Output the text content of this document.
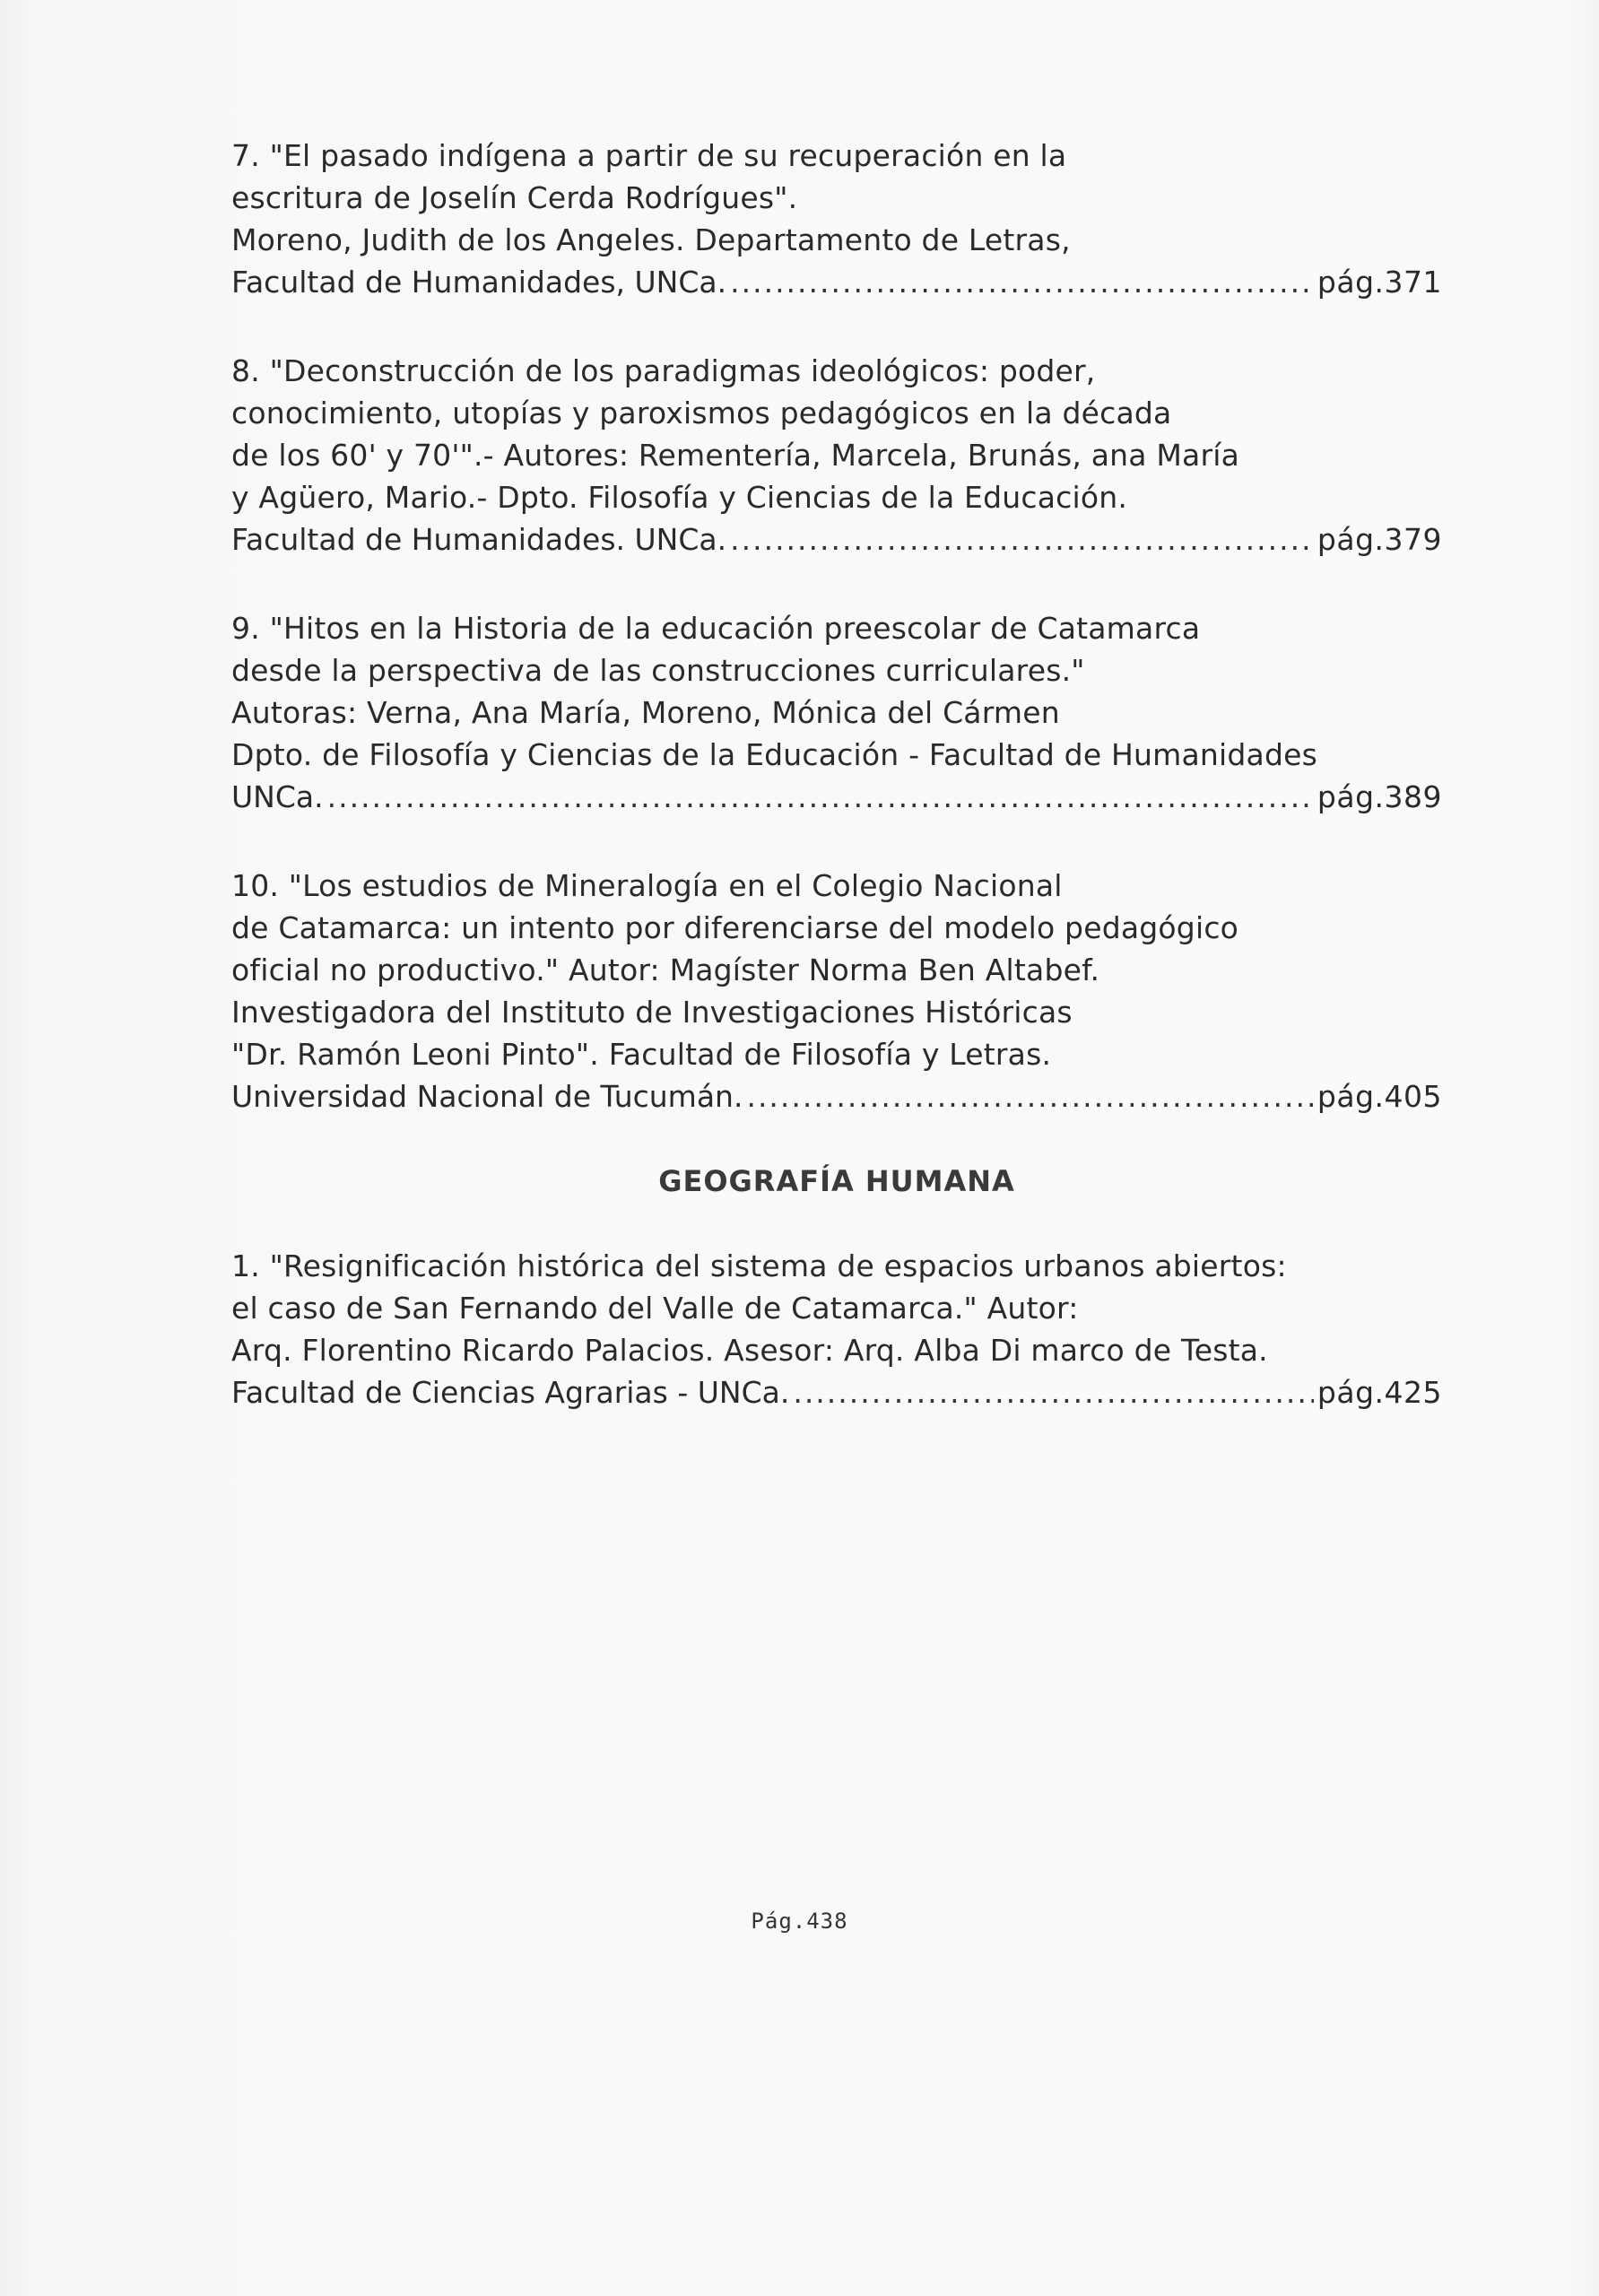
7. "El pasado indígena a partir de su recuperación en la
escritura de Joselín Cerda Rodrígues".
Moreno, Judith de los Angeles. Departamento de Letras,
Facultad de Humanidades, UNCa. .....	pág.371
8. "Deconstrucción de los paradigmas ideológicos: poder,
conocimiento, utopías y paroxismos pedagógicos en la década
de los 60' y 70'".- Autores: Rementería, Marcela, Brunás, ana María
y Agüero, Mario.- Dpto. Filosofía y Ciencias de la Educación.
Facultad de Humanidades. UNCa. .....	pág.379
9. "Hitos en la Historia de la educación preescolar de Catamarca
desde la perspectiva de las construcciones curriculares."
Autoras: Verna, Ana María, Moreno, Mónica del Cármen
Dpto. de Filosofía y Ciencias de la Educación - Facultad de Humanidades
UNCa. .....	pág.389
10. "Los estudios de Mineralogía en el Colegio Nacional
de Catamarca: un intento por diferenciarse del modelo pedagógico
oficial no productivo." Autor: Magíster Norma Ben Altabef.
Investigadora del Instituto de Investigaciones Históricas
"Dr. Ramón Leoni Pinto". Facultad de Filosofía y Letras.
Universidad Nacional de Tucumán. .....	pág.405
GEOGRAFÍA HUMANA
1. "Resignificación histórica del sistema de espacios urbanos abiertos:
el caso de San Fernando del Valle de Catamarca." Autor:
Arq. Florentino Ricardo Palacios. Asesor: Arq. Alba Di marco de Testa.
Facultad de Ciencias Agrarias - UNCa. .....	pág.425
Pág.438
